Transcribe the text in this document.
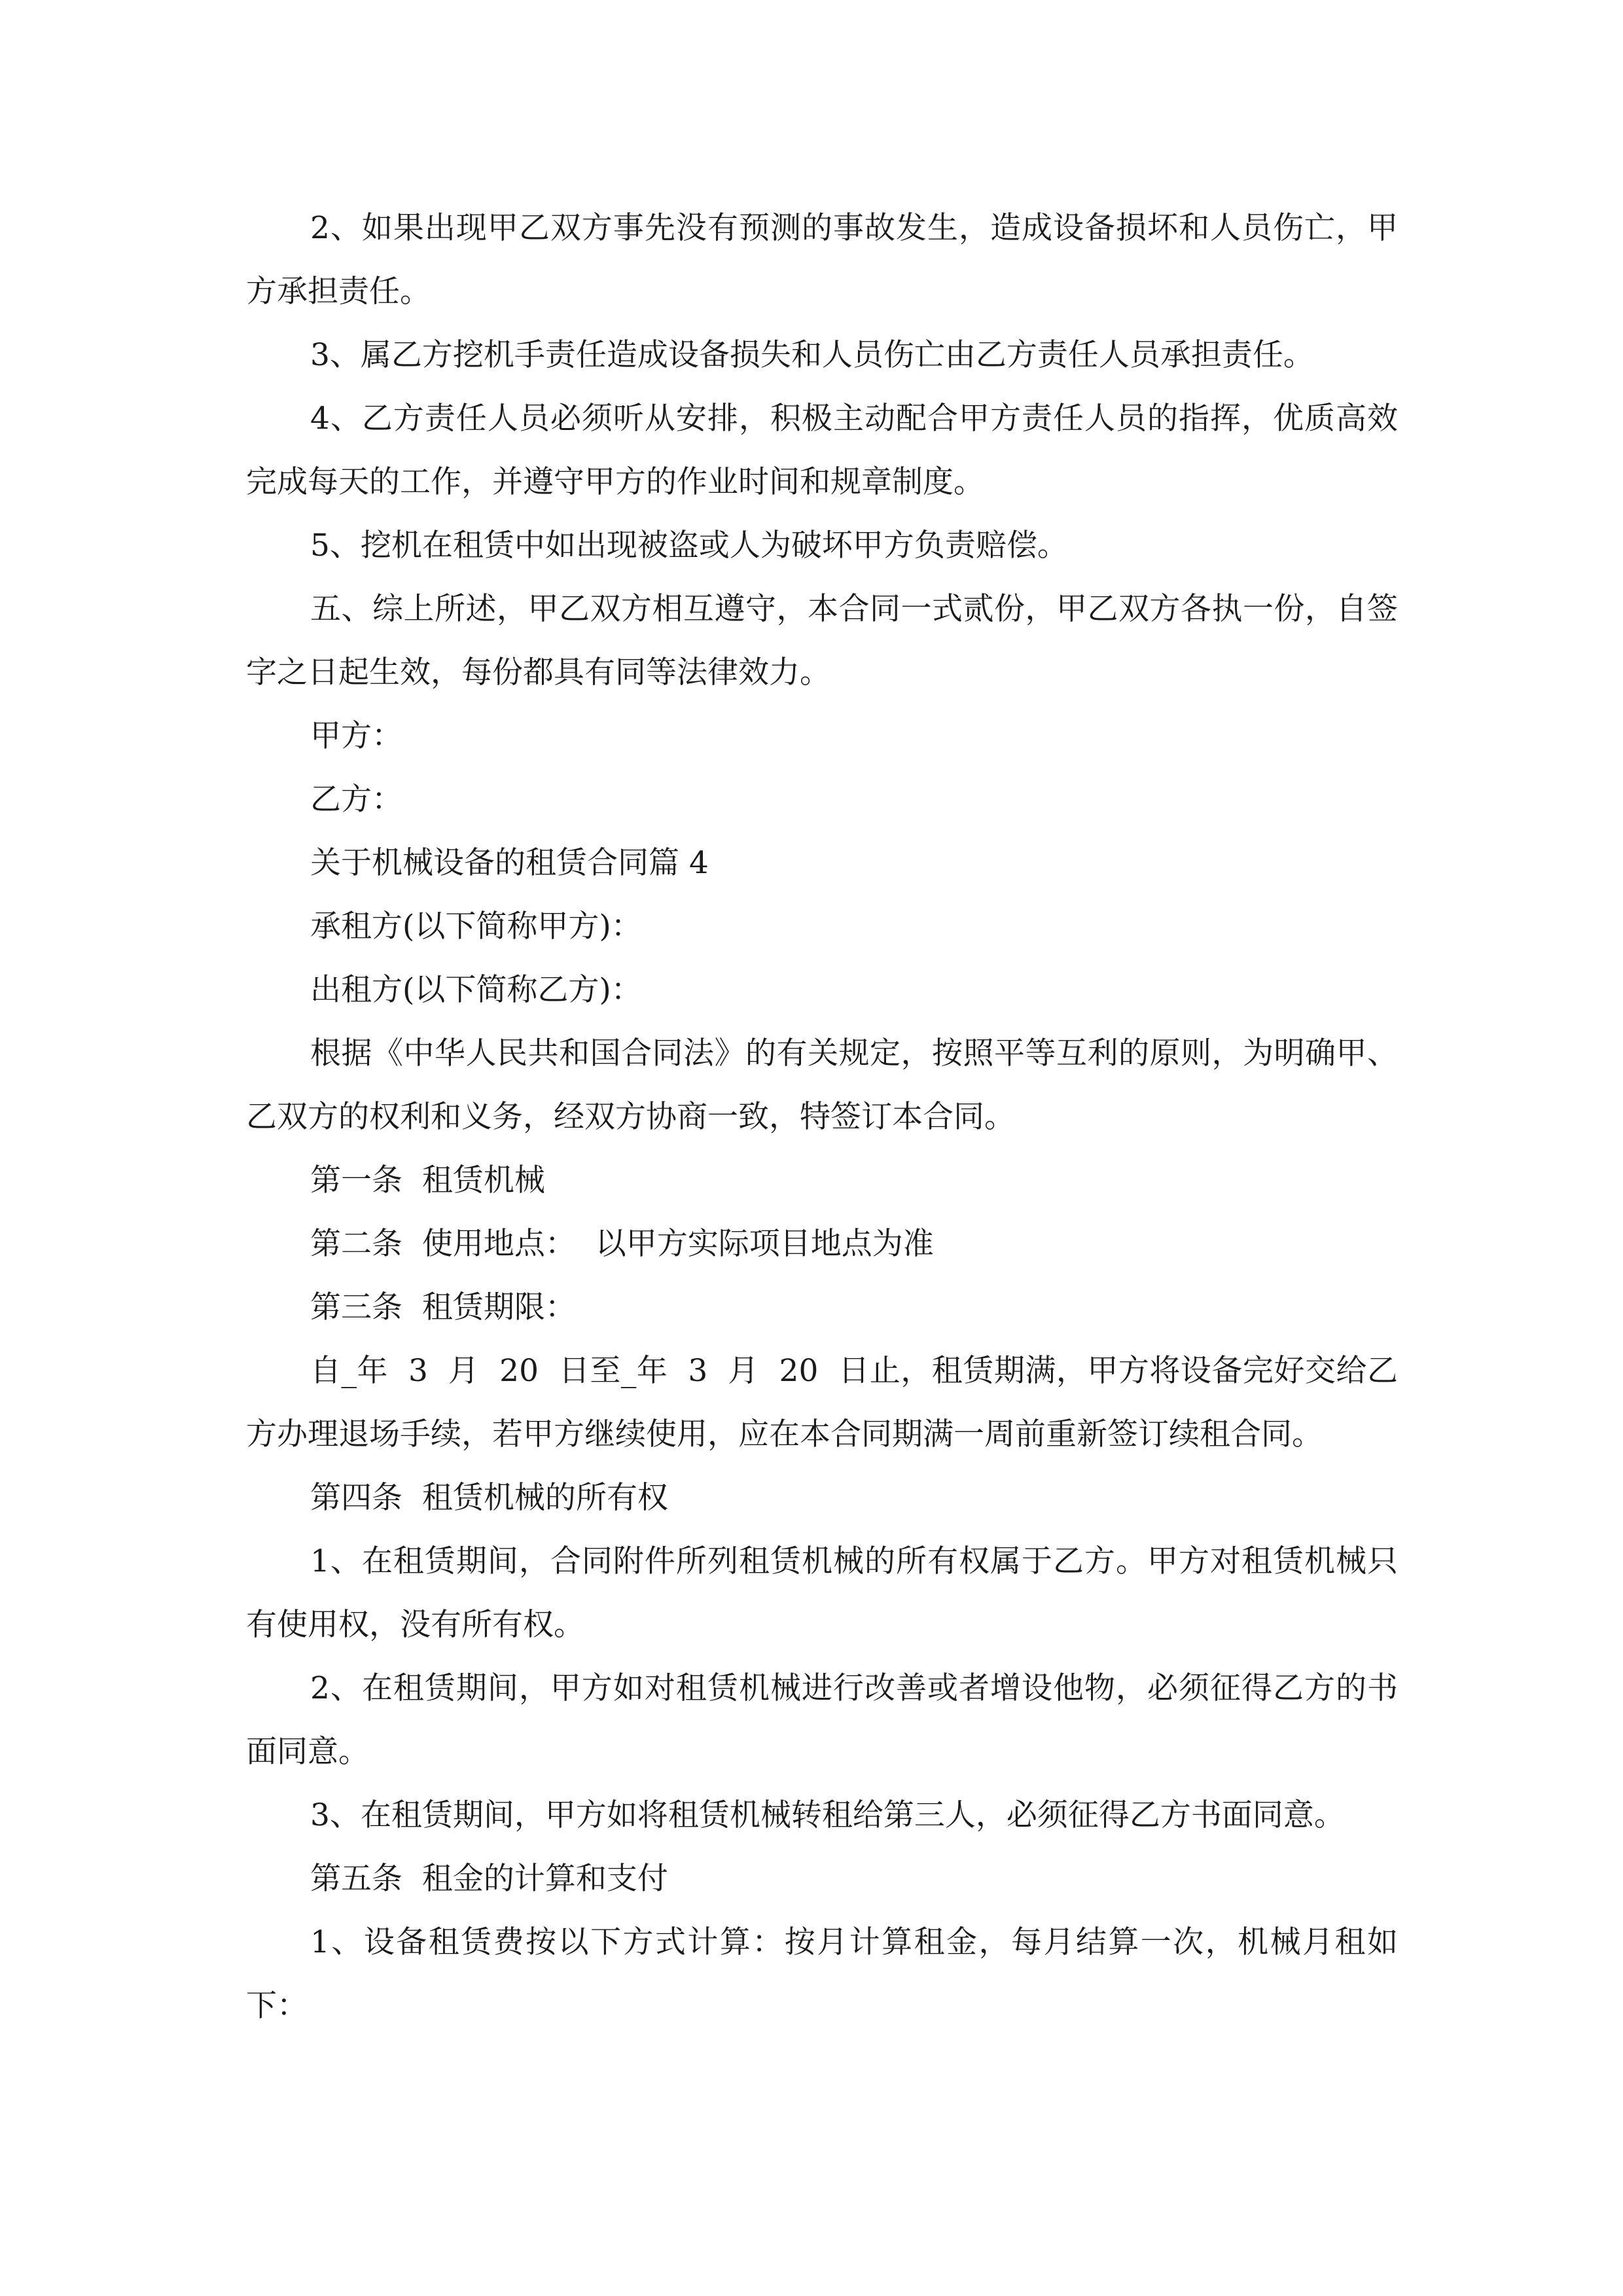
2、如果出现甲乙双方事先没有预测的事故发生，造成设备损坏和人员伤亡，甲方承担责任。

3、属乙方挖机手责任造成设备损失和人员伤亡由乙方责任人员承担责任。

4、乙方责任人员必须听从安排，积极主动配合甲方责任人员的指挥，优质高效完成每天的工作，并遵守甲方的作业时间和规章制度。

5、挖机在租赁中如出现被盗或人为破坏甲方负责赔偿。

五、综上所述，甲乙双方相互遵守，本合同一式贰份，甲乙双方各执一份，自签字之日起生效，每份都具有同等法律效力。

甲方：

乙方：

关于机械设备的租赁合同篇 4

承租方(以下简称甲方)：

出租方(以下简称乙方)：

根据《中华人民共和国合同法》的有关规定，按照平等互利的原则，为明确甲、乙双方的权利和义务，经双方协商一致，特签订本合同。

第一条  租赁机械

第二条  使用地点：  以甲方实际项目地点为准

第三条  租赁期限：

自_年  3  月  20  日至_年  3  月  20  日止，租赁期满，甲方将设备完好交给乙方办理退场手续，若甲方继续使用，应在本合同期满一周前重新签订续租合同。

第四条  租赁机械的所有权

1、在租赁期间，合同附件所列租赁机械的所有权属于乙方。甲方对租赁机械只有使用权，没有所有权。

2、在租赁期间，甲方如对租赁机械进行改善或者增设他物，必须征得乙方的书面同意。

3、在租赁期间，甲方如将租赁机械转租给第三人，必须征得乙方书面同意。

第五条  租金的计算和支付

1、设备租赁费按以下方式计算：按月计算租金，每月结算一次，机械月租如下：
